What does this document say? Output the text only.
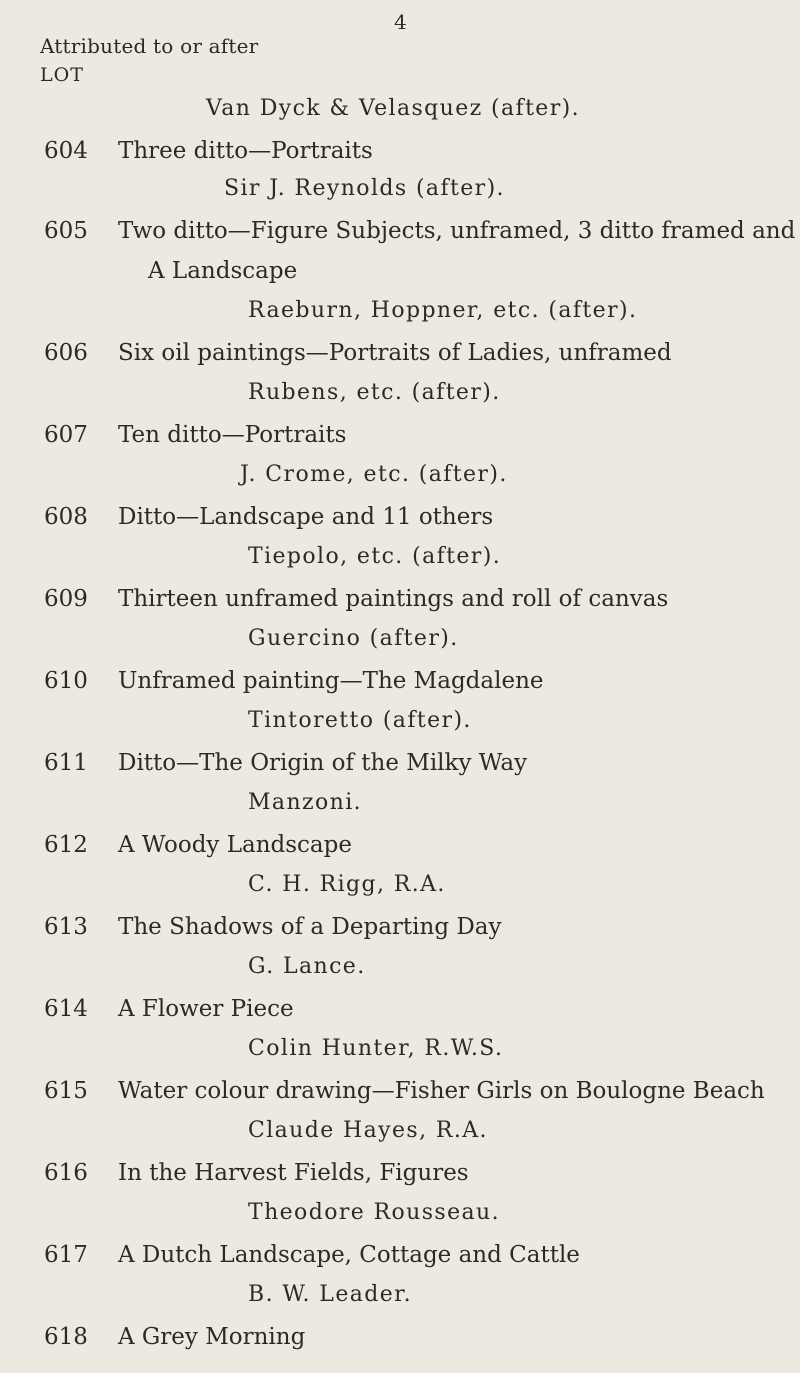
4
Attributed to or after
LOT
Van Dyck & Velasquez (after).
604 Three ditto—Portraits
Sir J. Reynolds (after).
605 Two ditto—Figure Subjects, unframed, 3 ditto framed and
A Landscape
Raeburn, Hoppner, etc. (after).
606 Six oil paintings—Portraits of Ladies, unframed
Rubens, etc. (after).
607 Ten ditto—Portraits
J. Crome, etc. (after).
608 Ditto—Landscape and 11 others
Tiepolo, etc. (after).
609 Thirteen unframed paintings and roll of canvas
Guercino (after).
610 Unframed painting—The Magdalene
Tintoretto (after).
611 Ditto—The Origin of the Milky Way
Manzoni.
612 A Woody Landscape
C. H. Rigg, R.A.
613 The Shadows of a Departing Day
G. Lance.
614 A Flower Piece
Colin Hunter, R.W.S.
615 Water colour drawing—Fisher Girls on Boulogne Beach
Claude Hayes, R.A.
616 In the Harvest Fields, Figures
Theodore Rousseau.
617 A Dutch Landscape, Cottage and Cattle
B. W. Leader.
618 A Grey Morning
